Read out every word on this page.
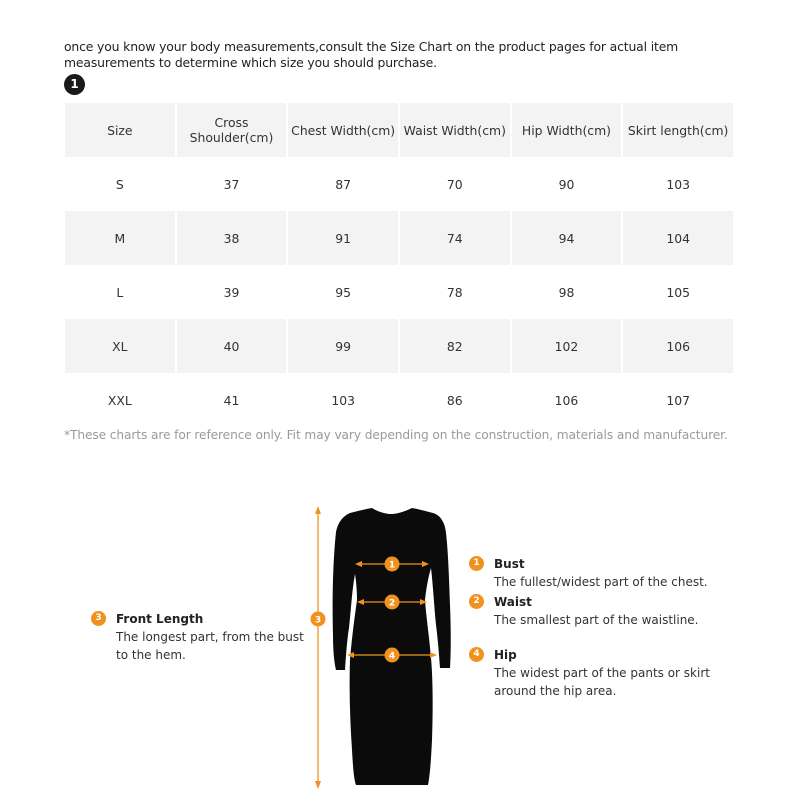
once you know your body measurements,consult the Size Chart on the product pages for actual item measurements to determine which size you should purchase.
1
Size	Cross Shoulder(cm)	Chest Width(cm)	Waist Width(cm)	Hip Width(cm)	Skirt length(cm)
S	37	87	70	90	103
M	38	91	74	94	104
L	39	95	78	98	105
XL	40	99	82	102	106
XXL	41	103	86	106	107
*These charts are for reference only. Fit may vary depending on the construction, materials and manufacturer.
1
2
4
3
3	Front Length
The longest part, from the bust to the hem.
1	Bust
The fullest/widest part of the chest.
2	Waist
The smallest part of the waistline.
4	Hip
The widest part of the pants or skirt around the hip area.
